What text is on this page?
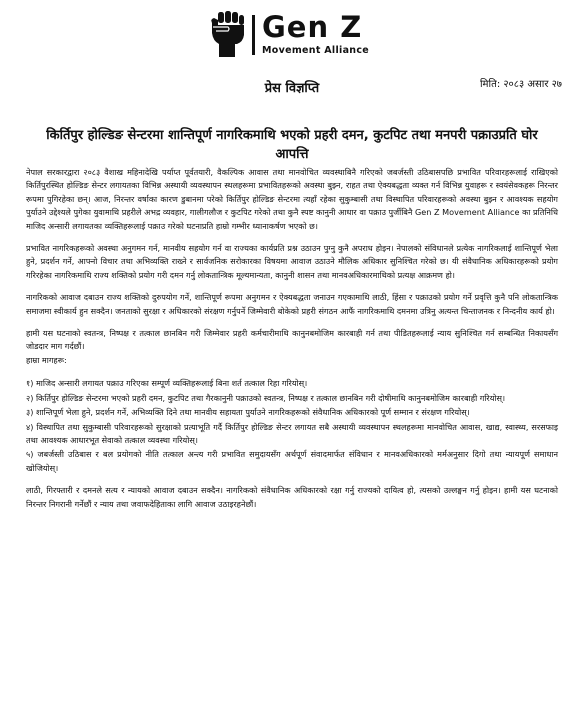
Gen Z
Movement Alliance
प्रेस विज्ञप्ति	मिति: २०८३ असार २७
किर्तिपुर होल्डिङ सेन्टरमा शान्तिपूर्ण नागरिकमाथि भएको प्रहरी दमन, कुटपिट तथा मनपरी पक्राउप्रति घोर आपत्ति

नेपाल सरकारद्वारा २०८३ वैशाख महिनादेखि पर्याप्त पूर्वतयारी, वैकल्पिक आवास तथा मानवोचित व्यवस्थाबिनै गरिएको जबर्जस्ती उठिबासपछि प्रभावित परिवारहरूलाई राखिएको किर्तिपुरस्थित होल्डिङ सेन्टर लगायतका विभिन्न अस्थायी व्यवस्थापन स्थलहरूमा प्रभावितहरूको अवस्था बुझ्न, राहत तथा ऐक्यबद्धता व्यक्त गर्न विभिन्न युवाहरू र स्वयंसेवकहरू निरन्तर रूपमा पुगिरहेका छन्। आज, निरन्तर वर्षाका कारण डुबानमा परेको किर्तिपुर होल्डिङ सेन्टरमा त्यहाँ रहेका सुकुम्बासी तथा विस्थापित परिवारहरूको अवस्था बुझ्न र आवश्यक सहयोग पुर्याउने उद्देश्यले पुगेका युवामाथि प्रहरीले अभद्र व्यवहार, गालीगलौज र कुटपिट गरेको तथा कुनै स्पष्ट कानुनी आधार वा पक्राउ पुर्जीबिनै Gen Z Movement Alliance का प्रतिनिधि माजिद अन्सारी लगायतका व्यक्तिहरूलाई पक्राउ गरेको घटनाप्रति हाम्रो गम्भीर ध्यानाकर्षण भएको छ।

प्रभावित नागरिकहरूको अवस्था अनुगमन गर्न, मानवीय सहयोग गर्न वा राज्यका कार्यप्रति प्रश्न उठाउन पुग्नु कुनै अपराध होइन। नेपालको संविधानले प्रत्येक नागरिकलाई शान्तिपूर्ण भेला हुने, प्रदर्शन गर्ने, आफ्नो विचार तथा अभिव्यक्ति राख्ने र सार्वजनिक सरोकारका विषयमा आवाज उठाउने मौलिक अधिकार सुनिश्चित गरेको छ। यी संवैधानिक अधिकारहरूको प्रयोग गरिरहेका नागरिकमाथि राज्य शक्तिको प्रयोग गरी दमन गर्नु लोकतान्त्रिक मूल्यमान्यता, कानुनी शासन तथा मानवअधिकारमाथिको प्रत्यक्ष आक्रमण हो।

नागरिकको आवाज दबाउन राज्य शक्तिको दुरुपयोग गर्ने, शान्तिपूर्ण रूपमा अनुगमन र ऐक्यबद्धता जनाउन गएकामाथि लाठी, हिंसा र पक्राउको प्रयोग गर्ने प्रवृत्ति कुनै पनि लोकतान्त्रिक समाजमा स्वीकार्य हुन सक्दैन। जनताको सुरक्षा र अधिकारको संरक्षण गर्नुपर्ने जिम्मेवारी बोकेको प्रहरी संगठन आफैं नागरिकमाथि दमनमा उत्रिनु अत्यन्त चिन्ताजनक र निन्दनीय कार्य हो।

हामी यस घटनाको स्वतन्त्र, निष्पक्ष र तत्काल छानबिन गरी जिम्मेवार प्रहरी कर्मचारीमाथि कानुनबमोजिम कारबाही गर्न तथा पीडितहरूलाई न्याय सुनिश्चित गर्न सम्बन्धित निकायसँग जोडदार माग गर्दछौं।

हाम्रा मागहरू:

१) माजिद अन्सारी लगायत पक्राउ गरिएका सम्पूर्ण व्यक्तिहरूलाई बिना शर्त तत्काल रिहा गरियोस्।
२) किर्तिपुर होल्डिङ सेन्टरमा भएको प्रहरी दमन, कुटपिट तथा गैरकानुनी पक्राउको स्वतन्त्र, निष्पक्ष र तत्काल छानबिन गरी दोषीमाथि कानुनबमोजिम कारबाही गरियोस्।
३) शान्तिपूर्ण भेला हुने, प्रदर्शन गर्ने, अभिव्यक्ति दिने तथा मानवीय सहायता पुर्याउने नागरिकहरूको संवैधानिक अधिकारको पूर्ण सम्मान र संरक्षण गरियोस्।
४) विस्थापित तथा सुकुम्बासी परिवारहरूको सुरक्षाको प्रत्याभूति गर्दै किर्तिपुर होल्डिङ सेन्टर लगायत सबै अस्थायी व्यवस्थापन स्थलहरूमा मानवोचित आवास, खाद्य, स्वास्थ्य, सरसफाइ तथा आवश्यक आधारभूत सेवाको तत्काल व्यवस्था गरियोस्।
५) जबर्जस्ती उठिबास र बल प्रयोगको नीति तत्काल अन्त्य गरी प्रभावित समुदायसँग अर्थपूर्ण संवादमार्फत संविधान र मानवअधिकारको मर्मअनुसार दिगो तथा न्यायपूर्ण समाधान खोजियोस्।

लाठी, गिरफ्तारी र दमनले सत्य र न्यायको आवाज दबाउन सक्दैन। नागरिकको संवैधानिक अधिकारको रक्षा गर्नु राज्यको दायित्व हो, त्यसको उल्लङ्घन गर्नु होइन। हामी यस घटनाको निरन्तर निगरानी गर्नेछौं र न्याय तथा जवाफदेहिताका लागि आवाज उठाइरहनेछौं।
